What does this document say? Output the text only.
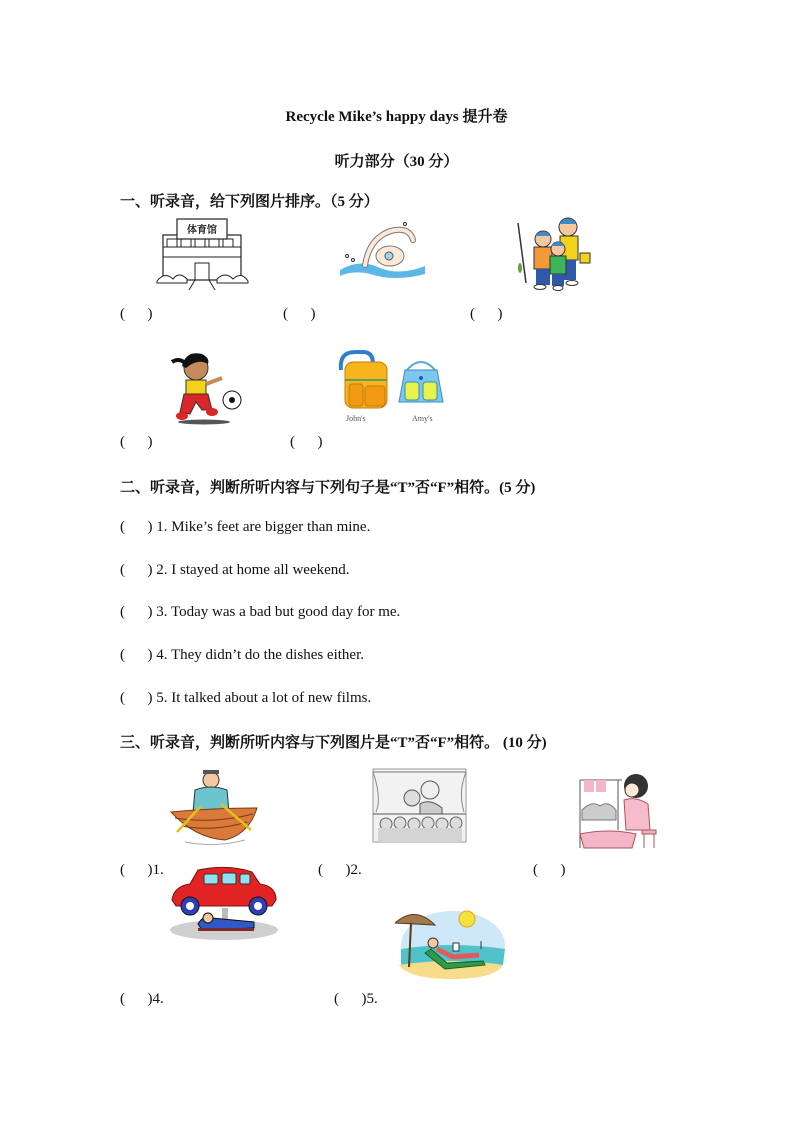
Recycle Mike’s happy days 提升卷
听力部分（30 分）
一、听录音，给下列图片排序。（5 分）
体育馆
(      )	(      )	(      )
John's	Amy's
(      )	(      )
二、听录音，判断所听内容与下列句子是“T”否“F”相符。(5 分)
(      ) 1. Mike’s feet are bigger than mine.
(      ) 2. I stayed at home all weekend.
(      ) 3. Today was a bad but good day for me.
(      ) 4. They didn’t do the dishes either.
(      ) 5. It talked about a lot of new films.
三、听录音，判断所听内容与下列图片是“T”否“F”相符。 (10 分)
(      )1.	(      )2.	(      )
(      )4.	(      )5.
